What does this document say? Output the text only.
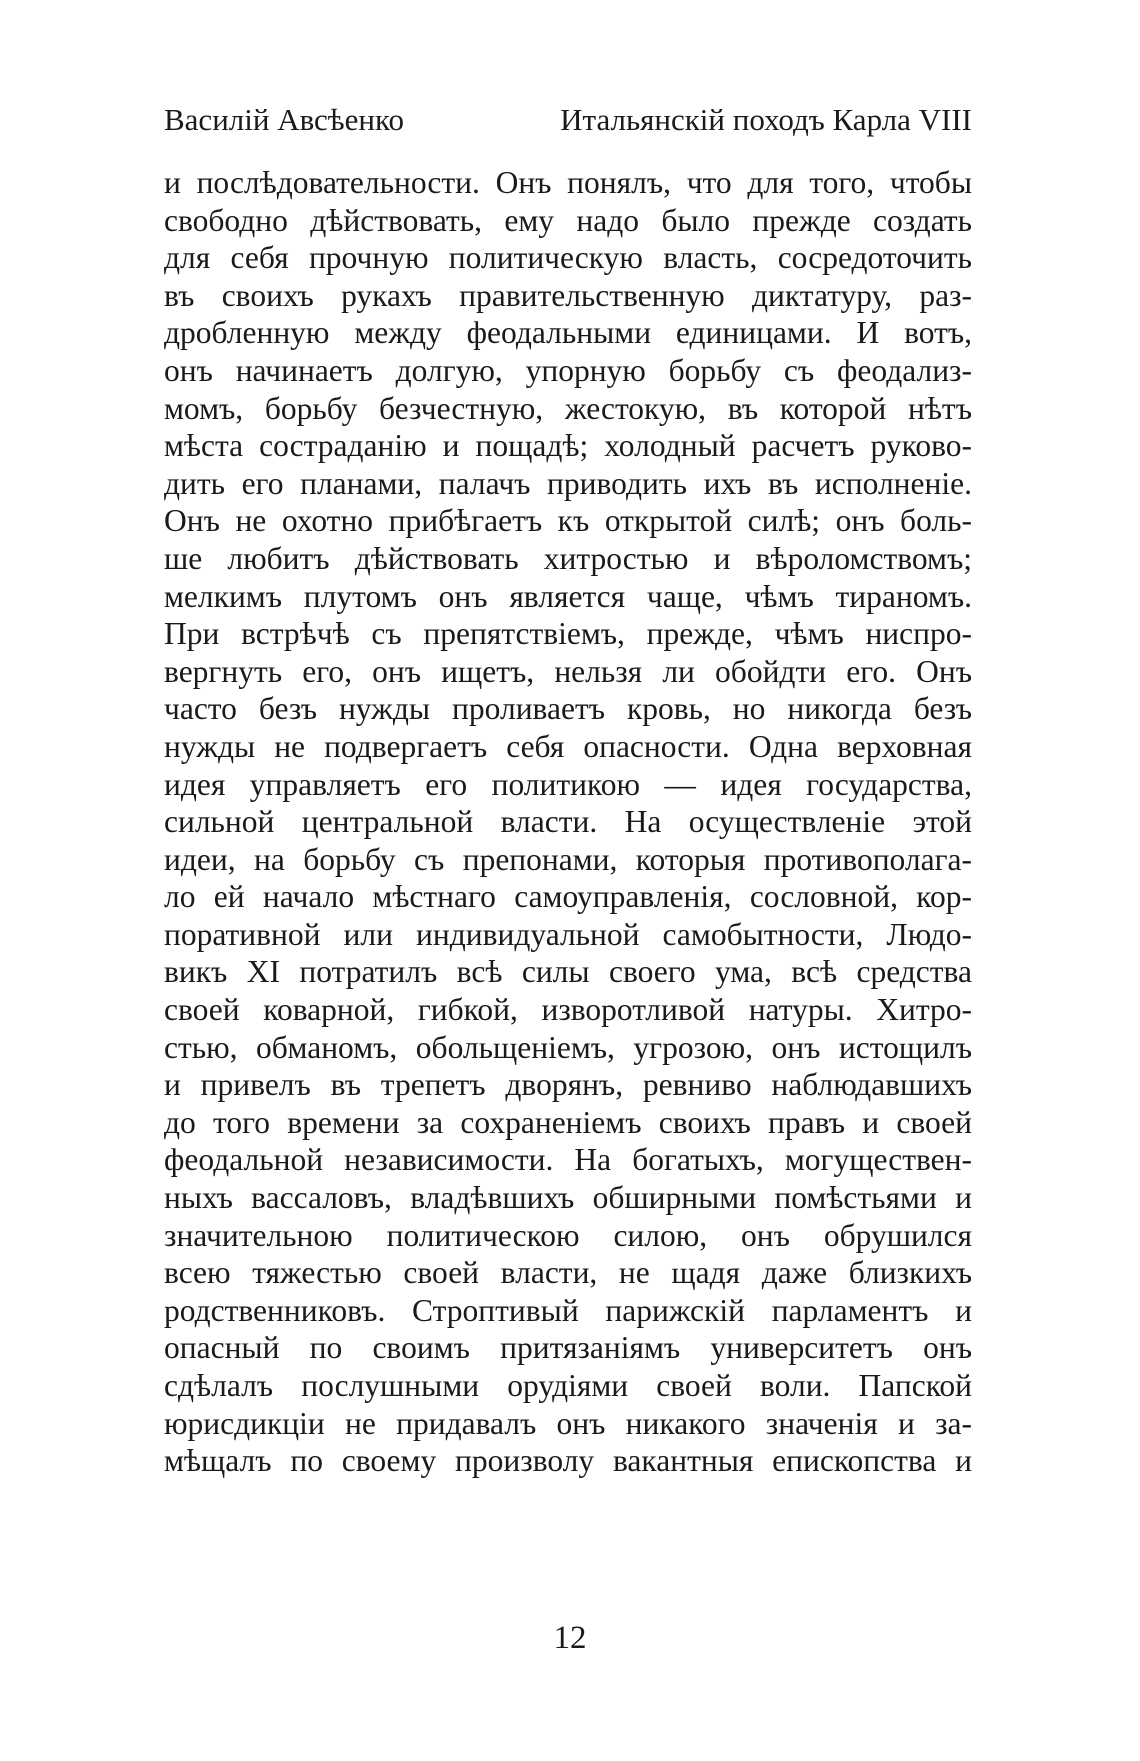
Василій Авсѣенко	Итальянскій походъ Карла VIII
и послѣдовательности. Онъ понялъ, что для того, чтобы
свободно дѣйствовать, ему надо было прежде создать
для себя прочную политическую власть, сосредоточить
въ своихъ рукахъ правительственную диктатуру, раз-
дробленную между феодальными единицами. И вотъ,
онъ начинаетъ долгую, упорную борьбу съ феодализ-
момъ, борьбу безчестную, жестокую, въ которой нѣтъ
мѣста состраданію и пощадѣ; холодный расчетъ руково-
дить его планами, палачъ приводить ихъ въ исполненіе.
Онъ не охотно прибѣгаетъ къ открытой силѣ; онъ боль-
ше любитъ дѣйствовать хитростью и вѣроломствомъ;
мелкимъ плутомъ онъ является чаще, чѣмъ тираномъ.
При встрѣчѣ съ препятствіемъ, прежде, чѣмъ ниспро-
вергнуть его, онъ ищетъ, нельзя ли обойдти его. Онъ
часто безъ нужды проливаетъ кровь, но никогда безъ
нужды не подвергаетъ себя опасности. Одна верховная
идея управляетъ его политикою — идея государства,
сильной центральной власти. На осуществленіе этой
идеи, на борьбу съ препонами, которыя противополага-
ло ей начало мѣстнаго самоуправленія, сословной, кор-
поративной или индивидуальной самобытности, Людо-
викъ XI потратилъ всѣ силы своего ума, всѣ средства
своей коварной, гибкой, изворотливой натуры. Хитро-
стью, обманомъ, обольщеніемъ, угрозою, онъ истощилъ
и привелъ въ трепетъ дворянъ, ревниво наблюдавшихъ
до того времени за сохраненіемъ своихъ правъ и своей
феодальной независимости. На богатыхъ, могуществен-
ныхъ вассаловъ, владѣвшихъ обширными помѣстьями и
значительною политическою силою, онъ обрушился
всею тяжестью своей власти, не щадя даже близкихъ
родственниковъ. Строптивый парижскій парламентъ и
опасный по своимъ притязаніямъ университетъ онъ
сдѣлалъ послушными орудіями своей воли. Папской
юрисдикціи не придавалъ онъ никакого значенія и за-
мѣщалъ по своему произволу вакантныя епископства и
12
